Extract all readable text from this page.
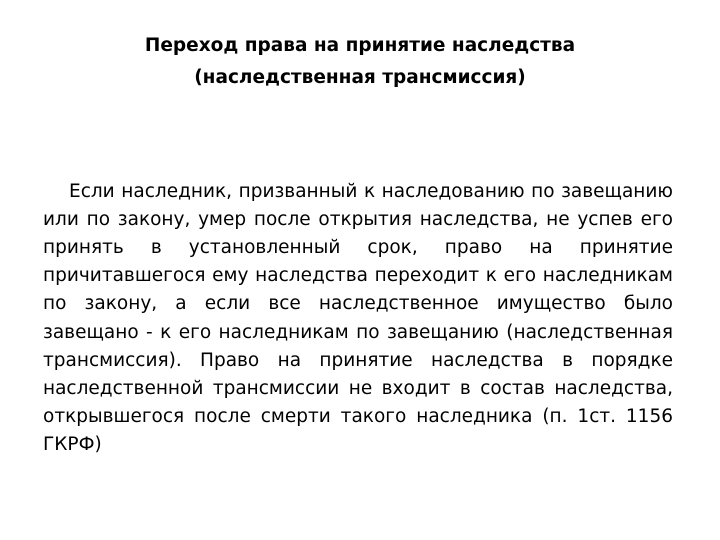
Переход права на принятие наследства
(наследственная трансмиссия)

Если наследник, призванный к наследованию по завещанию или по закону, умер после открытия наследства, не успев его принять в установленный срок, право на принятие причитавшегося ему наследства переходит к его наследникам по закону, а если все наследственное имущество было завещано - к его наследникам по завещанию (наследственная трансмиссия). Право на принятие наследства в порядке наследственной трансмиссии не входит в состав наследства, открывшегося после смерти такого наследника (п. 1ст. 1156 ГКРФ)
